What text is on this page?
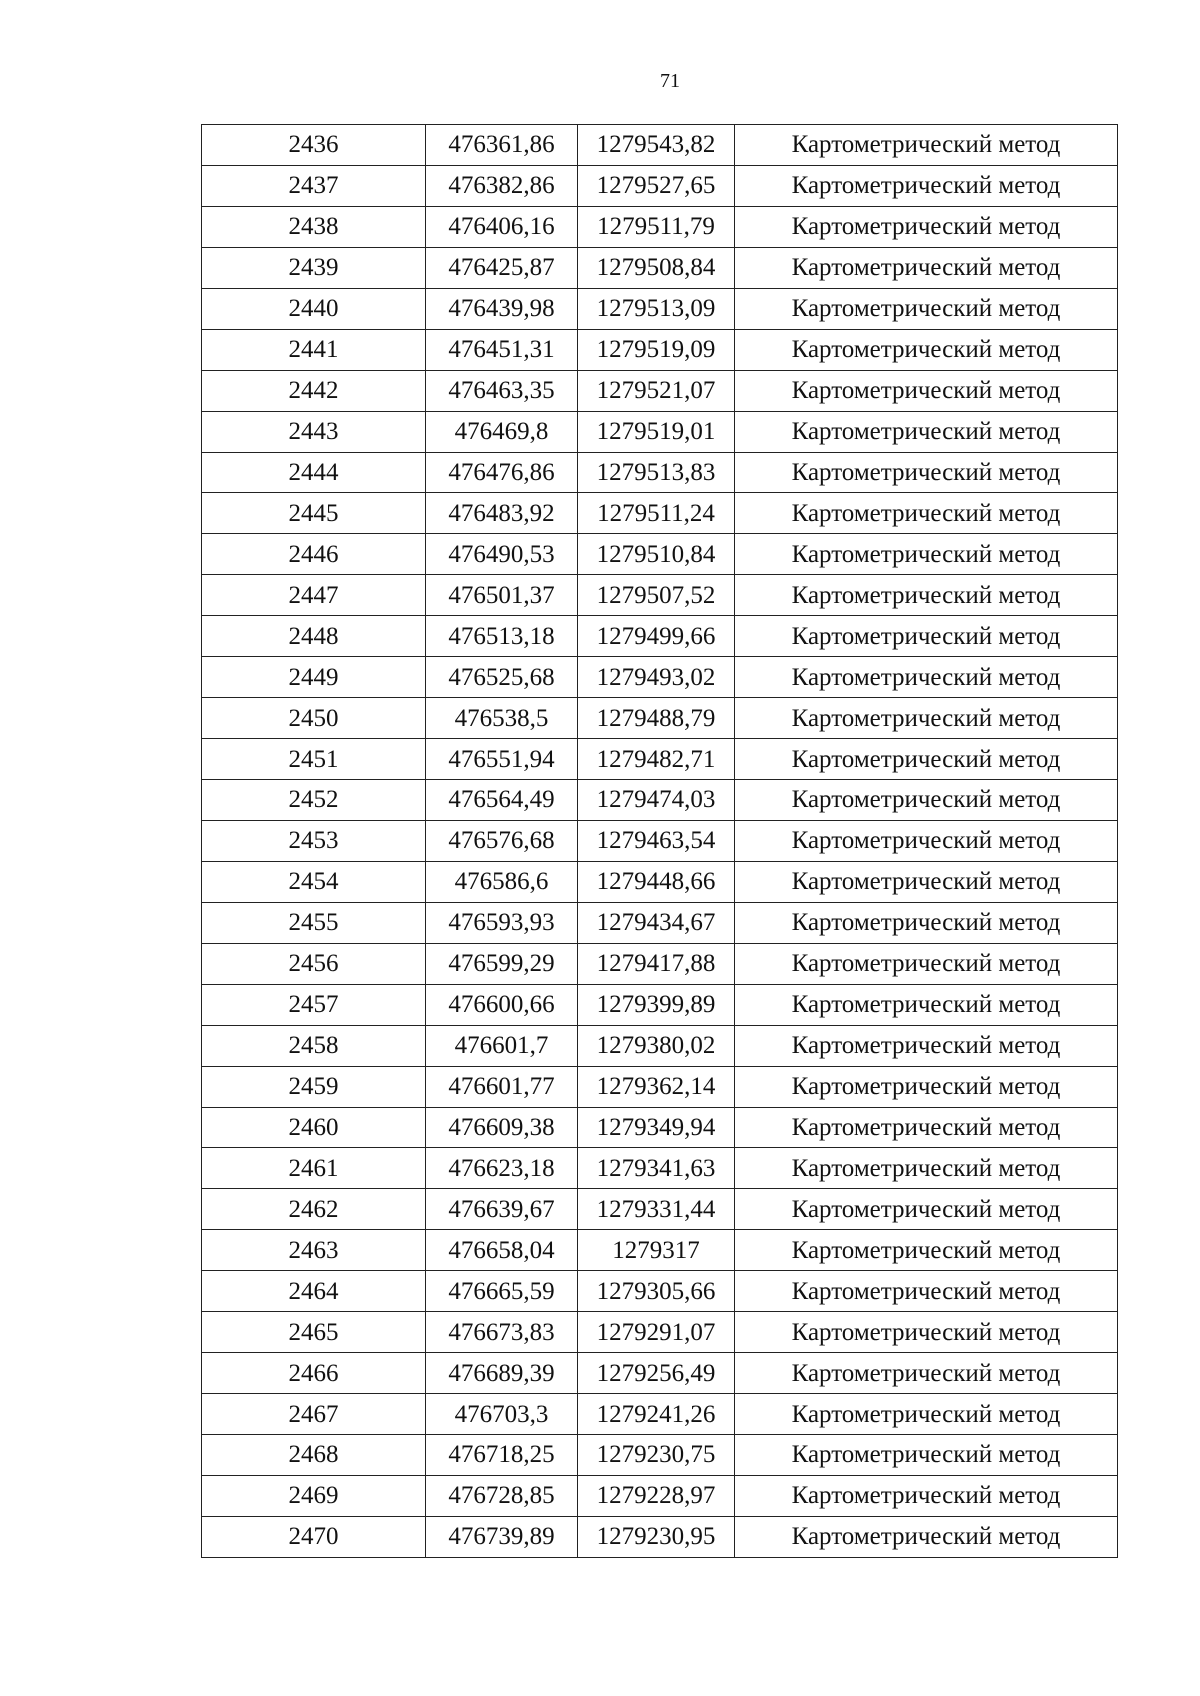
71
2436	476361,86	1279543,82	Картометрический метод
2437	476382,86	1279527,65	Картометрический метод
2438	476406,16	1279511,79	Картометрический метод
2439	476425,87	1279508,84	Картометрический метод
2440	476439,98	1279513,09	Картометрический метод
2441	476451,31	1279519,09	Картометрический метод
2442	476463,35	1279521,07	Картометрический метод
2443	476469,8	1279519,01	Картометрический метод
2444	476476,86	1279513,83	Картометрический метод
2445	476483,92	1279511,24	Картометрический метод
2446	476490,53	1279510,84	Картометрический метод
2447	476501,37	1279507,52	Картометрический метод
2448	476513,18	1279499,66	Картометрический метод
2449	476525,68	1279493,02	Картометрический метод
2450	476538,5	1279488,79	Картометрический метод
2451	476551,94	1279482,71	Картометрический метод
2452	476564,49	1279474,03	Картометрический метод
2453	476576,68	1279463,54	Картометрический метод
2454	476586,6	1279448,66	Картометрический метод
2455	476593,93	1279434,67	Картометрический метод
2456	476599,29	1279417,88	Картометрический метод
2457	476600,66	1279399,89	Картометрический метод
2458	476601,7	1279380,02	Картометрический метод
2459	476601,77	1279362,14	Картометрический метод
2460	476609,38	1279349,94	Картометрический метод
2461	476623,18	1279341,63	Картометрический метод
2462	476639,67	1279331,44	Картометрический метод
2463	476658,04	1279317	Картометрический метод
2464	476665,59	1279305,66	Картометрический метод
2465	476673,83	1279291,07	Картометрический метод
2466	476689,39	1279256,49	Картометрический метод
2467	476703,3	1279241,26	Картометрический метод
2468	476718,25	1279230,75	Картометрический метод
2469	476728,85	1279228,97	Картометрический метод
2470	476739,89	1279230,95	Картометрический метод
